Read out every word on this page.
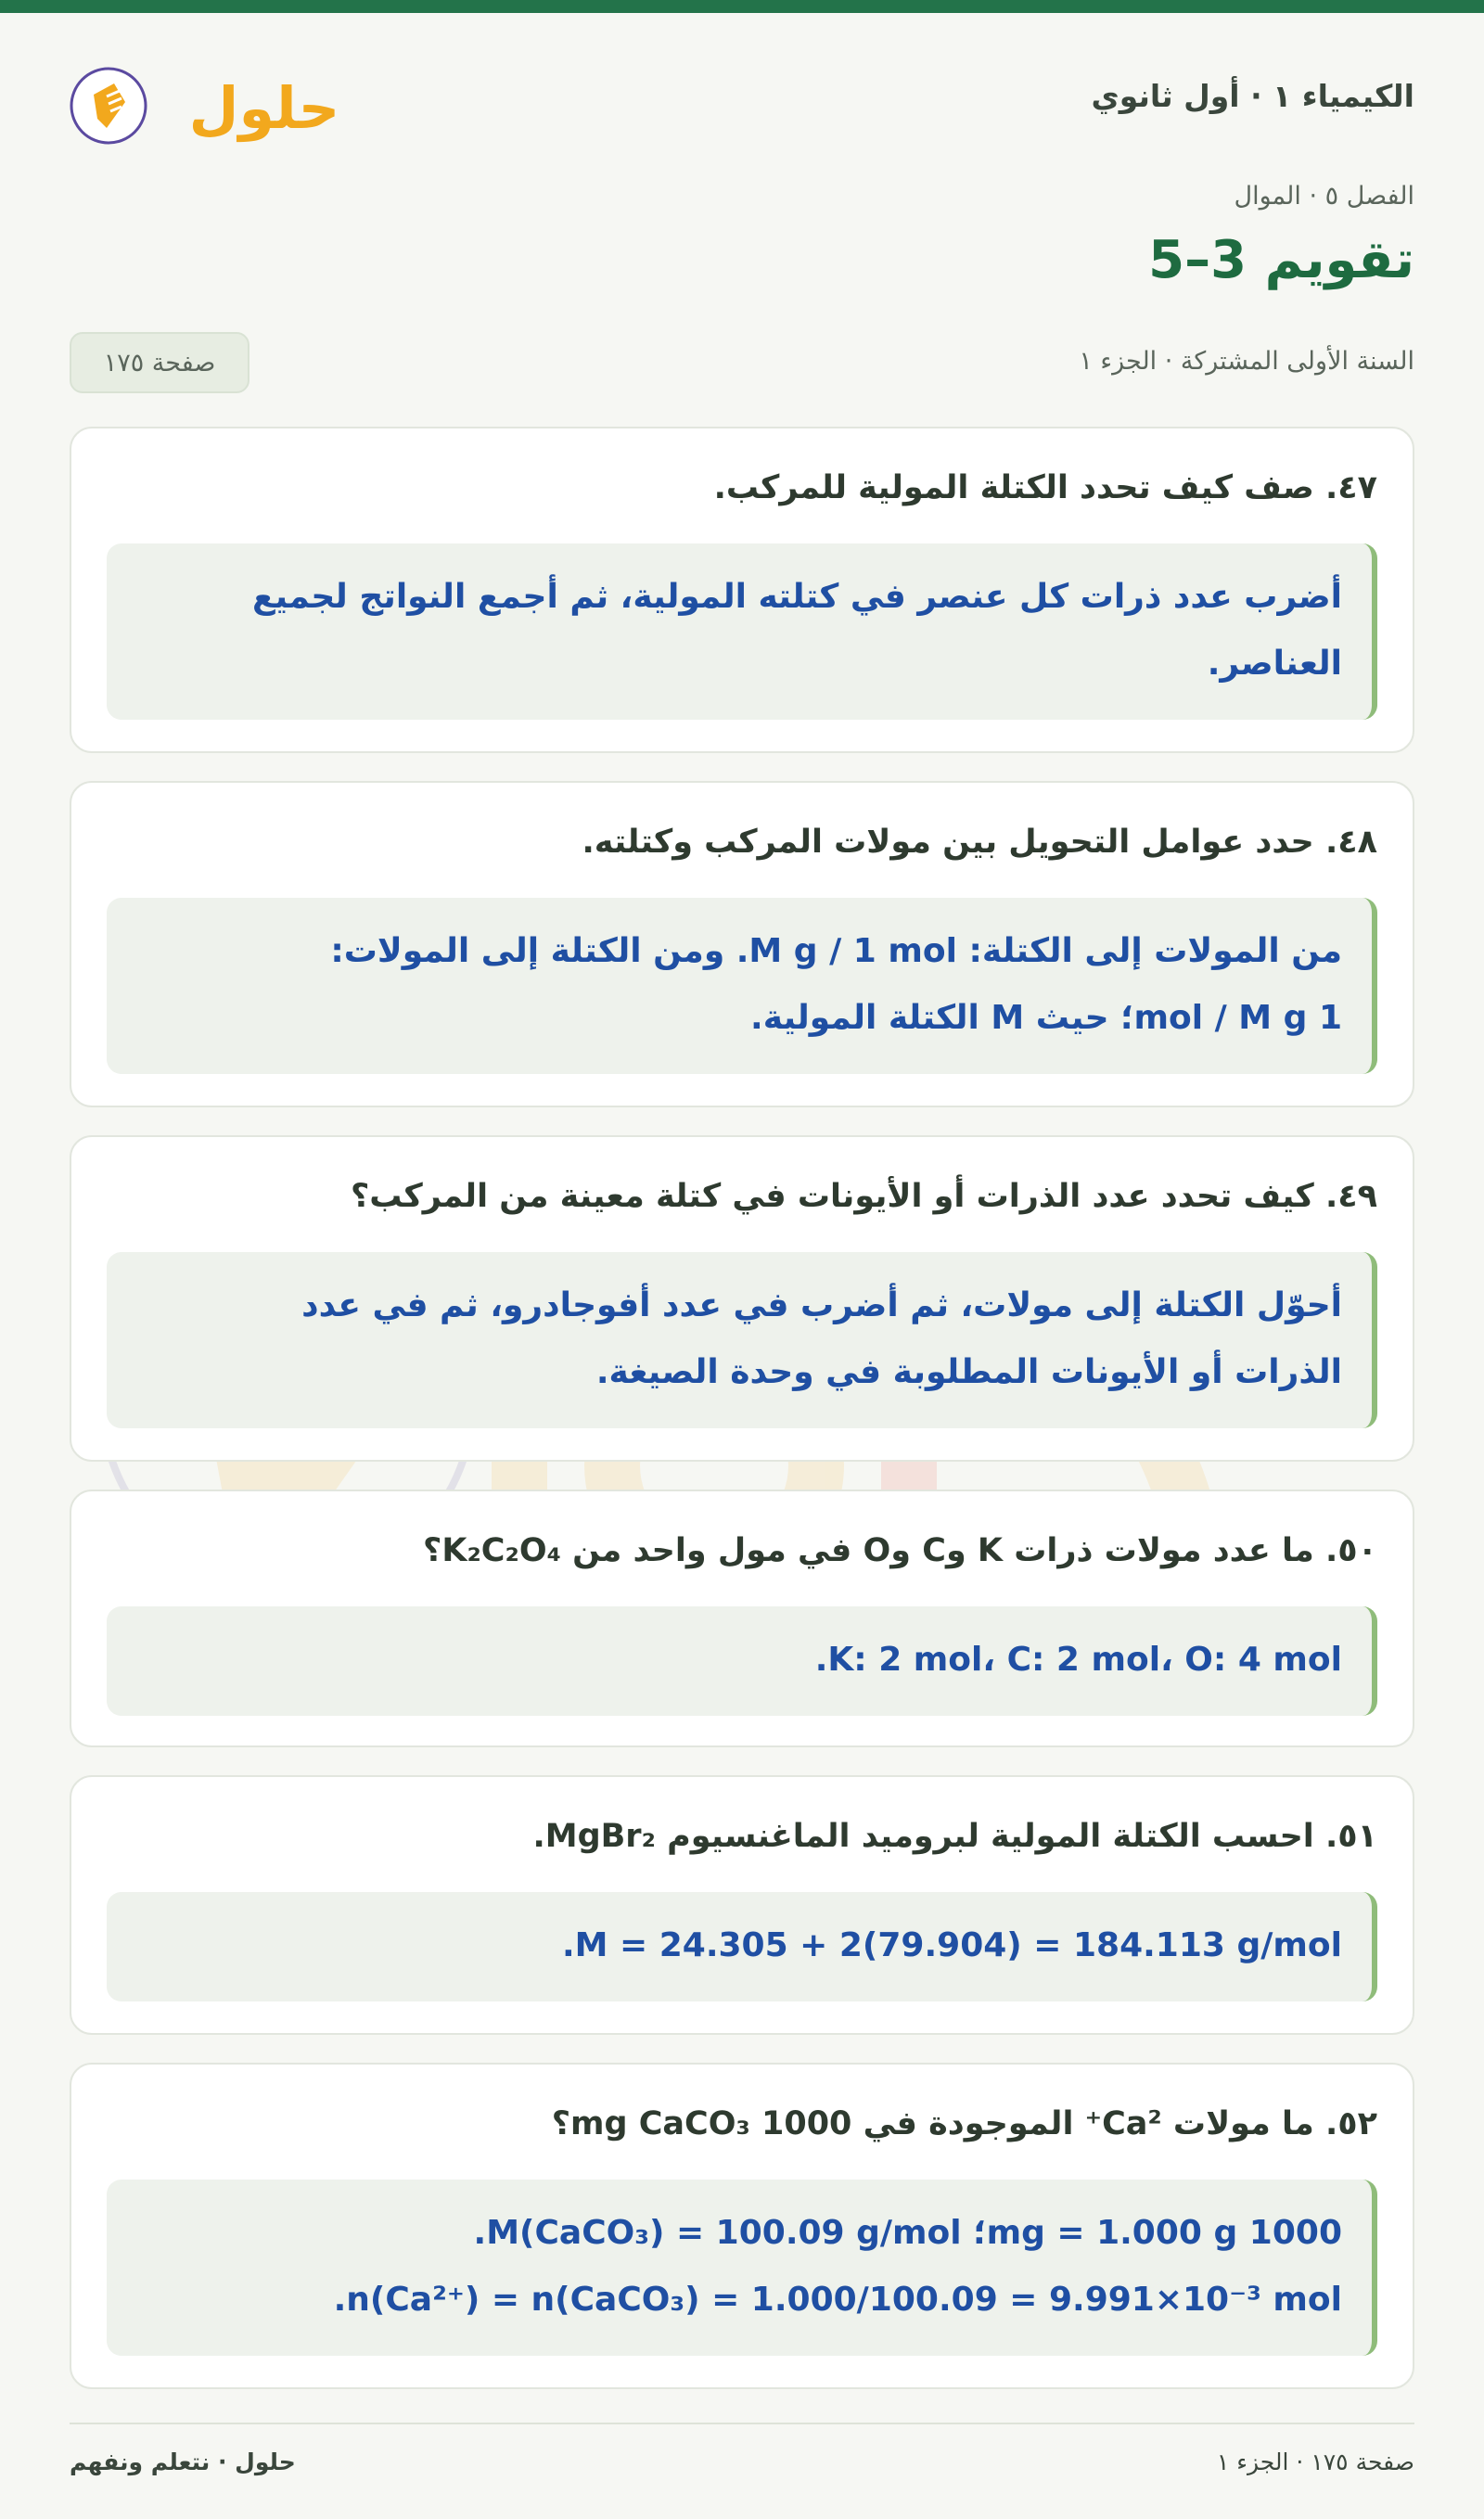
الكيمياء ١ · أول ثانوي
حلول
الفصل ٥ · الموال
تقويم 3–5
السنة الأولى المشتركة · الجزء ١
صفحة ١٧٥
٤٧. صف كيف تحدد الكتلة المولية للمركب.
أضرب عدد ذرات كل عنصر في كتلته المولية، ثم أجمع النواتج لجميع
العناصر.
٤٨. حدد عوامل التحويل بين مولات المركب وكتلته.
من المولات إلى الكتلة: M g / 1 mol. ومن الكتلة إلى المولات:
1 mol / M g؛ حيث M الكتلة المولية.
٤٩. كيف تحدد عدد الذرات أو الأيونات في كتلة معينة من المركب؟
أحوّل الكتلة إلى مولات، ثم أضرب في عدد أفوجادرو، ثم في عدد
الذرات أو الأيونات المطلوبة في وحدة الصيغة.
٥٠. ما عدد مولات ذرات K وC وO في مول واحد من K₂C₂O₄؟
K: 2 mol، C: 2 mol، O: 4 mol.
٥١. احسب الكتلة المولية لبروميد الماغنسيوم MgBr₂.
M = 24.305 + 2(79.904) = 184.113 g/mol.
٥٢. ما مولات Ca²⁺ الموجودة في 1000 mg CaCO₃؟
1000 mg = 1.000 g؛ M(CaCO₃) = 100.09 g/mol.
n(Ca²⁺) = n(CaCO₃) = 1.000/100.09 = 9.991×10⁻³ mol.
صفحة ١٧٥ · الجزء ١
حلول · نتعلم ونفهم
